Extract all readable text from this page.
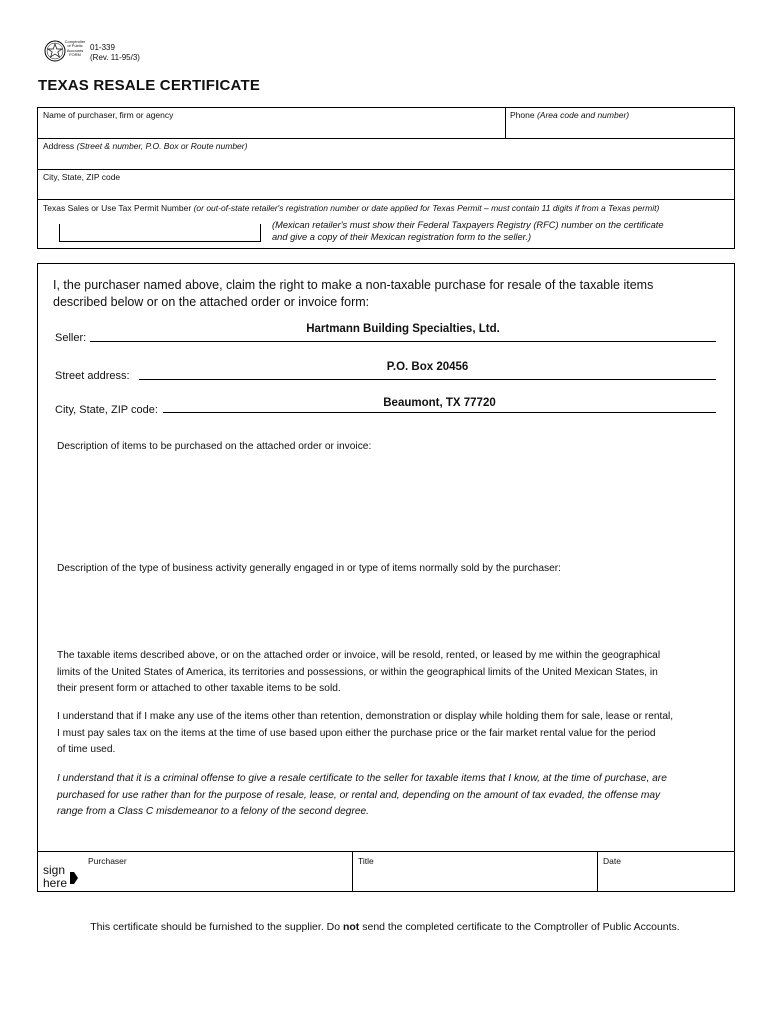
Comptroller
of Public
Accounts
FORM
01-339
(Rev. 11-95/3)
TEXAS RESALE CERTIFICATE
Name of purchaser, firm or agency	Phone (Area code and number)
Address (Street & number, P.O. Box or Route number)
City, State, ZIP code
Texas Sales or Use Tax Permit Number (or out-of-state retailer's registration number or date applied for Texas Permit – must contain 11 digits if from a Texas permit)
(Mexican retailer's must show their Federal Taxpayers Registry (RFC) number on the certificate
and give a copy of their Mexican registration form to the seller.)
I, the purchaser named above, claim the right to make a non-taxable purchase for resale of the taxable items
described below or on the attached order or invoice form:
Seller:
Hartmann Building Specialties, Ltd.
Street address:
P.O. Box 20456
City, State, ZIP code:
Beaumont, TX 77720
Description of items to be purchased on the attached order or invoice:
Description of the type of business activity generally engaged in or type of items normally sold by the purchaser:
The taxable items described above, or on the attached order or invoice, will be resold, rented, or leased by me within the geographical
limits of the United States of America, its territories and possessions, or within the geographical limits of the United Mexican States, in
their present form or attached to other taxable items to be sold.
I understand that if I make any use of the items other than retention, demonstration or display while holding them for sale, lease or rental,
I must pay sales tax on the items at the time of use based upon either the purchase price or the fair market rental value for the period
of time used.
I understand that it is a criminal offense to give a resale certificate to the seller for taxable items that I know, at the time of purchase, are
purchased for use rather than for the purpose of resale, lease, or rental and, depending on the amount of tax evaded, the offense may
range from a Class C misdemeanor to a felony of the second degree.
sign
here
Purchaser	Title	Date
This certificate should be furnished to the supplier. Do not send the completed certificate to the Comptroller of Public Accounts.
